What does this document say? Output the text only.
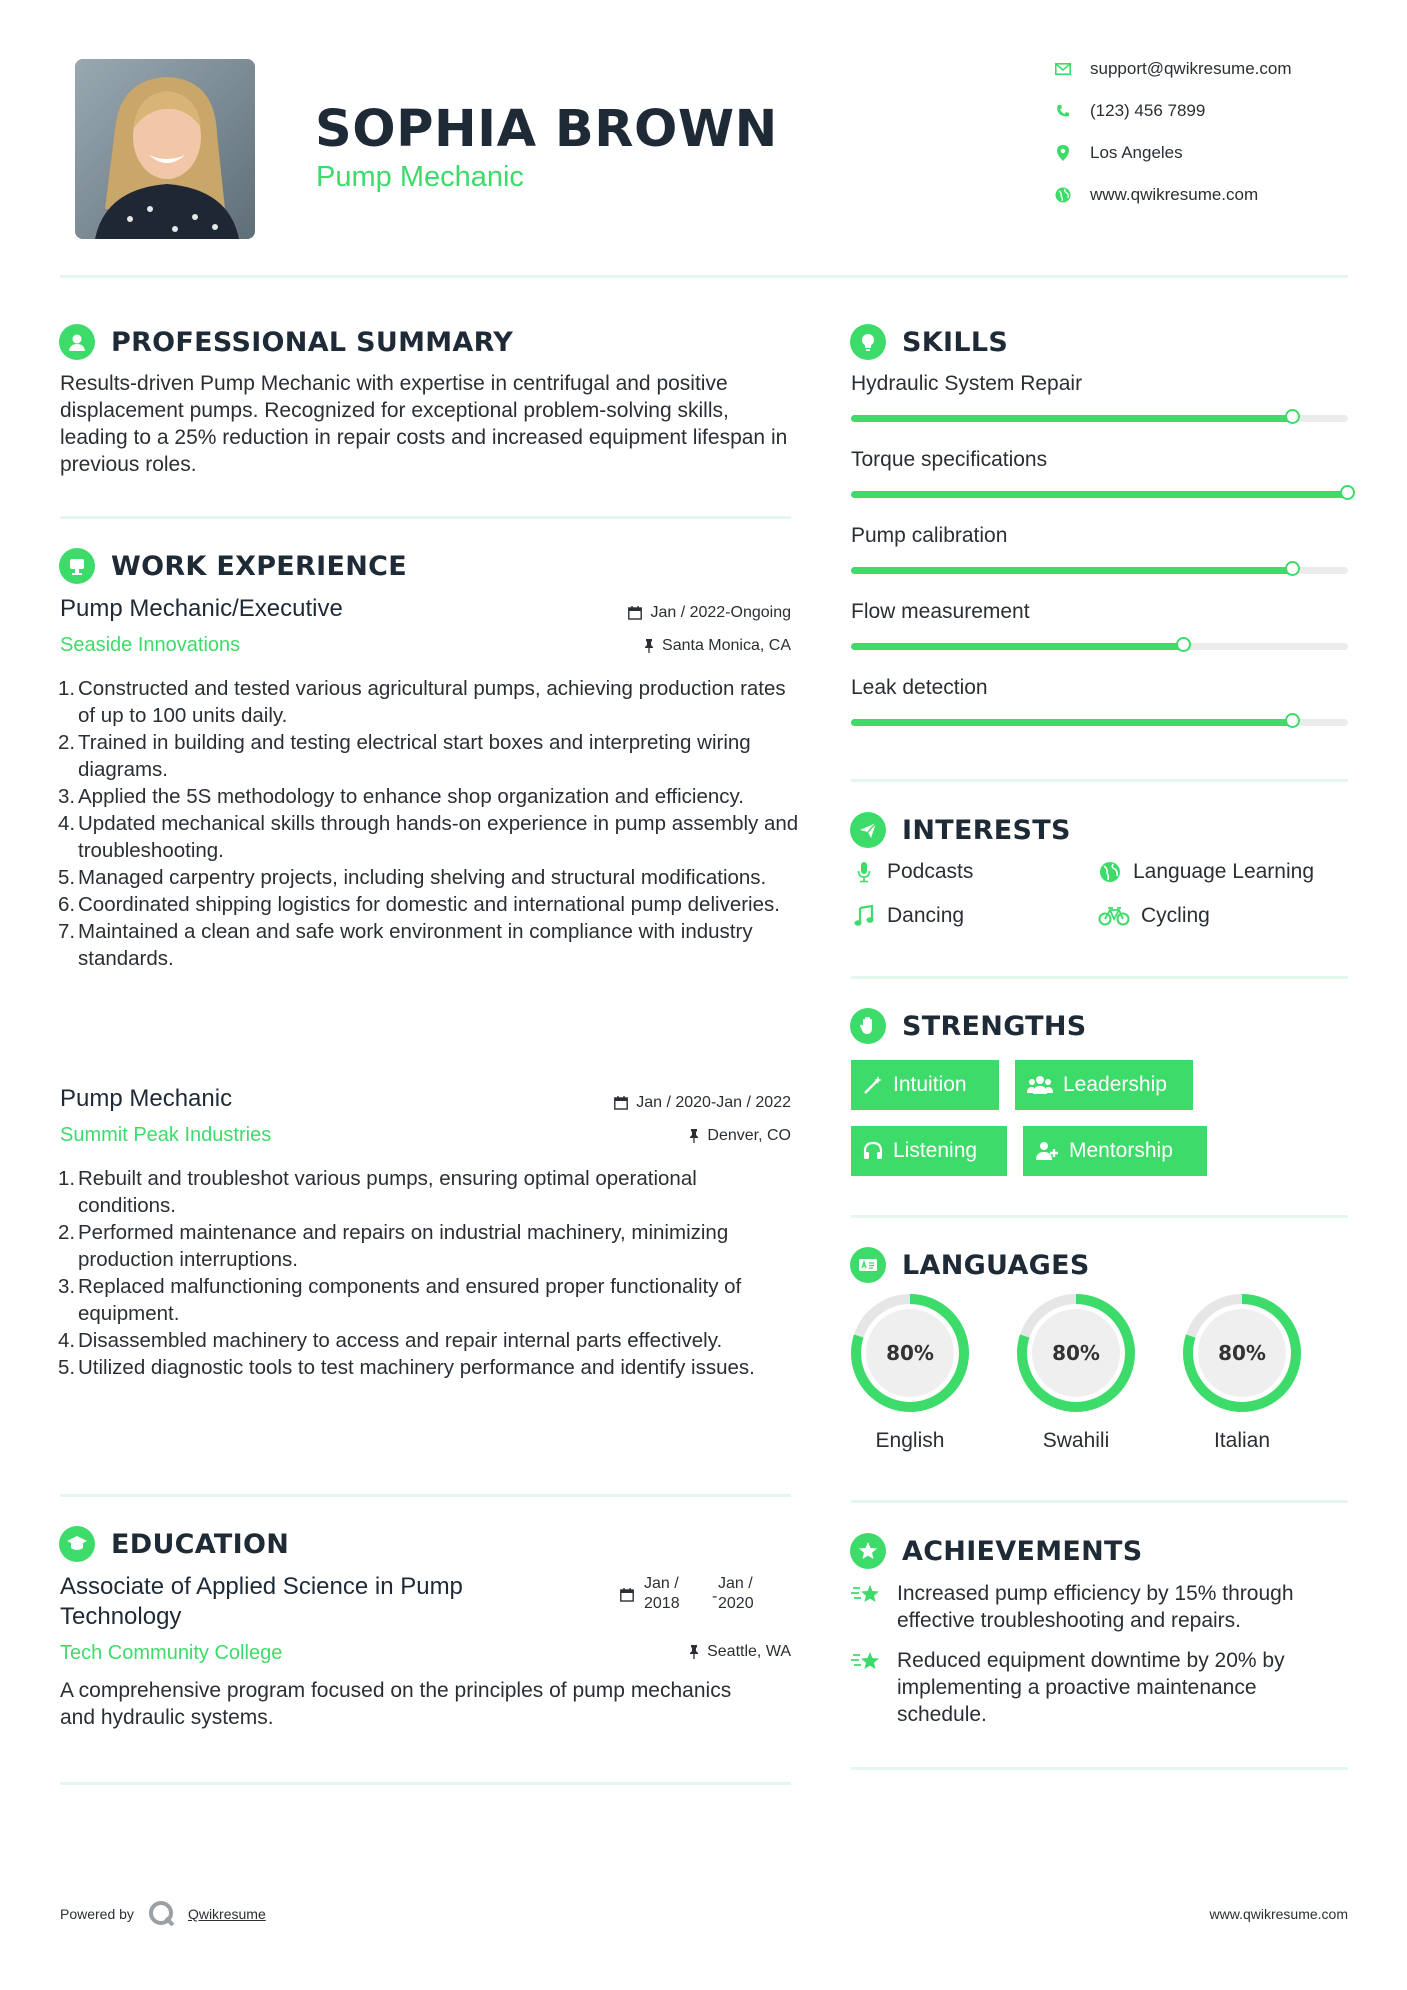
SOPHIA BROWN
Pump Mechanic
support@qwikresume.com
(123) 456 7899
Los Angeles
www.qwikresume.com
PROFESSIONAL SUMMARY
Results-driven Pump Mechanic with expertise in centrifugal and positive displacement pumps. Recognized for exceptional problem-solving skills, leading to a 25% reduction in repair costs and increased equipment lifespan in previous roles.
WORK EXPERIENCE
Pump Mechanic/Executive	Jan / 2022-Ongoing
Seaside Innovations	Santa Monica, CA
Constructed and tested various agricultural pumps, achieving production rates of up to 100 units daily.
Trained in building and testing electrical start boxes and interpreting wiring diagrams.
Applied the 5S methodology to enhance shop organization and efficiency.
Updated mechanical skills through hands-on experience in pump assembly and troubleshooting.
Managed carpentry projects, including shelving and structural modifications.
Coordinated shipping logistics for domestic and international pump deliveries.
Maintained a clean and safe work environment in compliance with industry standards.
Pump Mechanic	Jan / 2020-Jan / 2022
Summit Peak Industries	Denver, CO
Rebuilt and troubleshot various pumps, ensuring optimal operational conditions.
Performed maintenance and repairs on industrial machinery, minimizing production interruptions.
Replaced malfunctioning components and ensured proper functionality of equipment.
Disassembled machinery to access and repair internal parts effectively.
Utilized diagnostic tools to test machinery performance and identify issues.
EDUCATION
Associate of Applied Science in Pump
Technology
Jan /
2018 -
Jan /
2020
Tech Community College	Seattle, WA
A comprehensive program focused on the principles of pump mechanics and hydraulic systems.
SKILLS
Hydraulic System Repair
Torque specifications
Pump calibration
Flow measurement
Leak detection
INTERESTS
Podcasts	Language Learning
Dancing	Cycling
STRENGTHS
Intuition	Leadership
Listening	Mentorship
LANGUAGES
80%
English
80%
Swahili
80%
Italian
ACHIEVEMENTS
Increased pump efficiency by 15% through effective troubleshooting and repairs.
Reduced equipment downtime by 20% by implementing a proactive maintenance schedule.
Powered by	Qwikresume	www.qwikresume.com
